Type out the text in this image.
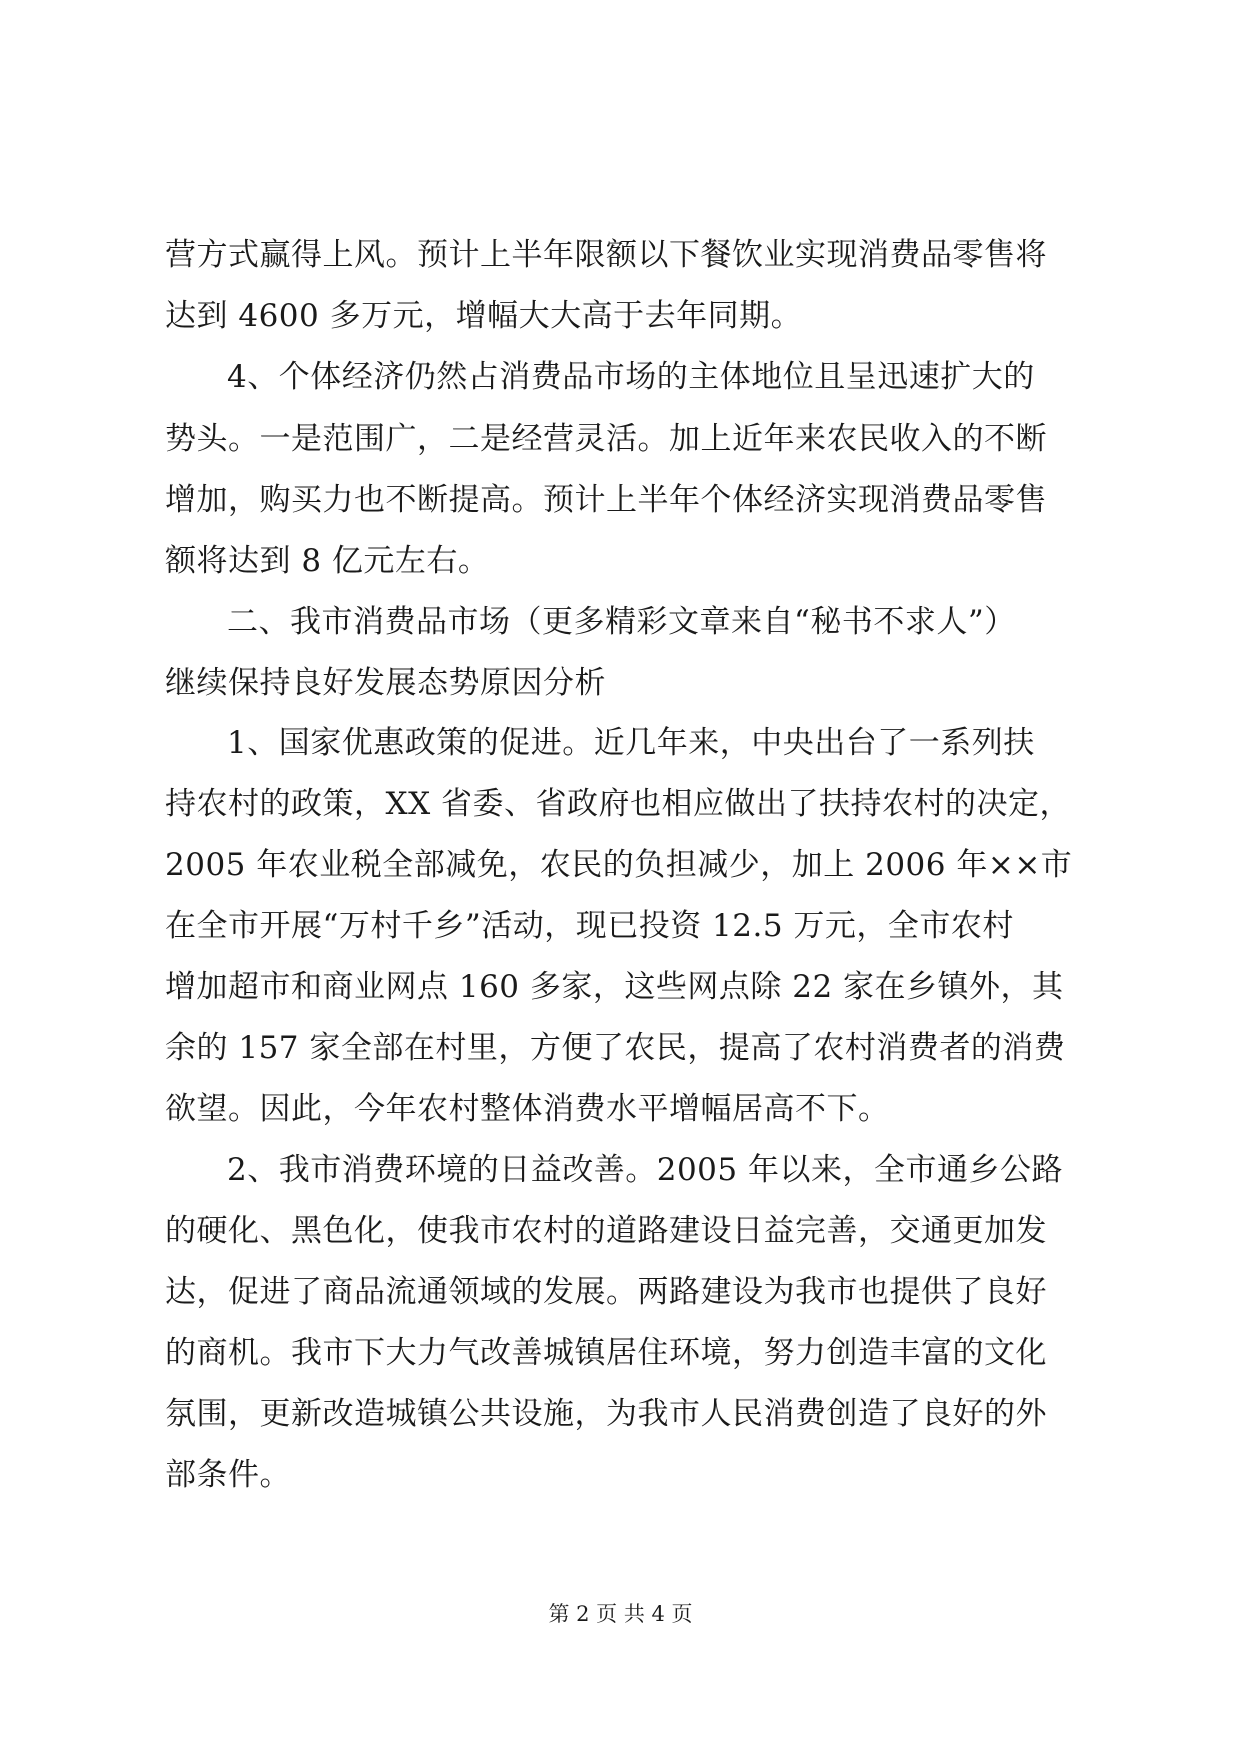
营方式赢得上风。预计上半年限额以下餐饮业实现消费品零售将
达到 4600 多万元，增幅大大高于去年同期。
4、个体经济仍然占消费品市场的主体地位且呈迅速扩大的
势头。一是范围广，二是经营灵活。加上近年来农民收入的不断
增加，购买力也不断提高。预计上半年个体经济实现消费品零售
额将达到 8 亿元左右。
二、我市消费品市场（更多精彩文章来自“秘书不求人”）
继续保持良好发展态势原因分析
1、国家优惠政策的促进。近几年来，中央出台了一系列扶
持农村的政策，XX 省委、省政府也相应做出了扶持农村的决定，
2005 年农业税全部减免，农民的负担减少，加上 2006 年××市
在全市开展“万村千乡”活动，现已投资 12.5 万元，全市农村
增加超市和商业网点 160 多家，这些网点除 22 家在乡镇外，其
余的 157 家全部在村里，方便了农民，提高了农村消费者的消费
欲望。因此，今年农村整体消费水平增幅居高不下。
2、我市消费环境的日益改善。2005 年以来，全市通乡公路
的硬化、黑色化，使我市农村的道路建设日益完善，交通更加发
达，促进了商品流通领域的发展。两路建设为我市也提供了良好
的商机。我市下大力气改善城镇居住环境，努力创造丰富的文化
氛围，更新改造城镇公共设施，为我市人民消费创造了良好的外
部条件。
第 2 页 共 4 页
